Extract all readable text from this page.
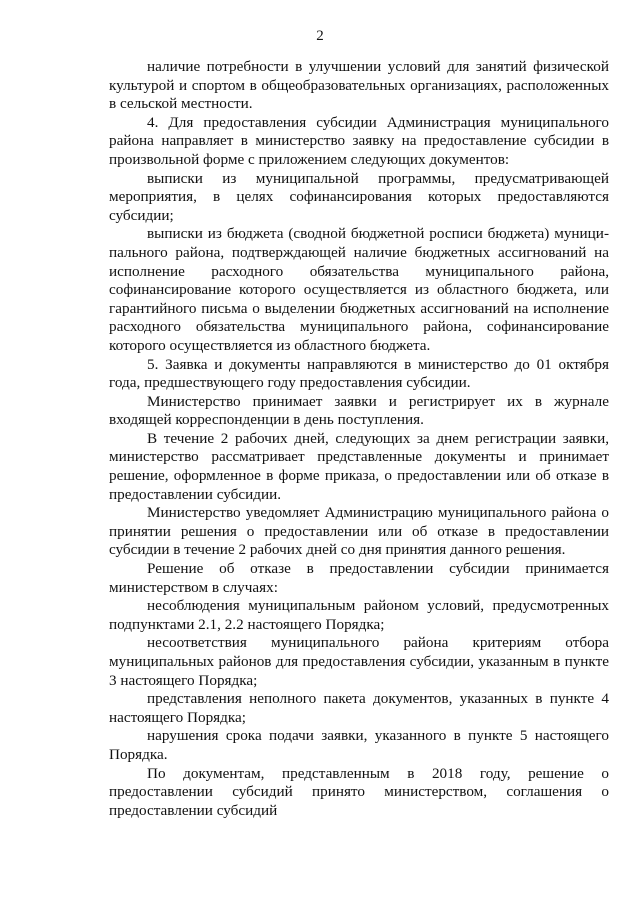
2

наличие потребности в улучшении условий для занятий физической культурой и спортом в общеобразовательных организациях, расположенных в сельской местности.

4. Для предоставления субсидии Администрация муниципального района направляет в министерство заявку на предоставление субсидии в произвольной форме с приложением следующих документов:

выписки из муниципальной программы, предусматривающей мероприятия, в целях софинансирования которых предоставляются субсидии;

выписки из бюджета (сводной бюджетной росписи бюджета) муниципального района, подтверждающей наличие бюджетных ассигнований на исполнение расходного обязательства муниципального района, софинансирование которого осуществляется из областного бюджета, или гарантийного письма о выделении бюджетных ассигнований на исполнение расходного обязательства муниципального района, софинансирование которого осуществляется из областного бюджета.

5. Заявка и документы направляются в министерство до 01 октября года, предшествующего году предоставления субсидии.

Министерство принимает заявки и регистрирует их в журнале входящей корреспонденции в день поступления.

В течение 2 рабочих дней, следующих за днем регистрации заявки, министерство рассматривает представленные документы и принимает решение, оформленное в форме приказа, о предоставлении или об отказе в предоставлении субсидии.

Министерство уведомляет Администрацию муниципального района о принятии решения о предоставлении или об отказе в предоставлении субсидии в течение 2 рабочих дней со дня принятия данного решения.

Решение об отказе в предоставлении субсидии принимается министерством в случаях:

несоблюдения муниципальным районом условий, предусмотренных подпунктами 2.1, 2.2 настоящего Порядка;

несоответствия муниципального района критериям отбора муниципальных районов для предоставления субсидии, указанным в пункте 3 настоящего Порядка;

представления неполного пакета документов, указанных в пункте 4 настоящего Порядка;

нарушения срока подачи заявки, указанного в пункте 5 настоящего Порядка.

По документам, представленным в 2018 году, решение о предоставлении субсидий принято министерством, соглашения о предоставлении субсидий
